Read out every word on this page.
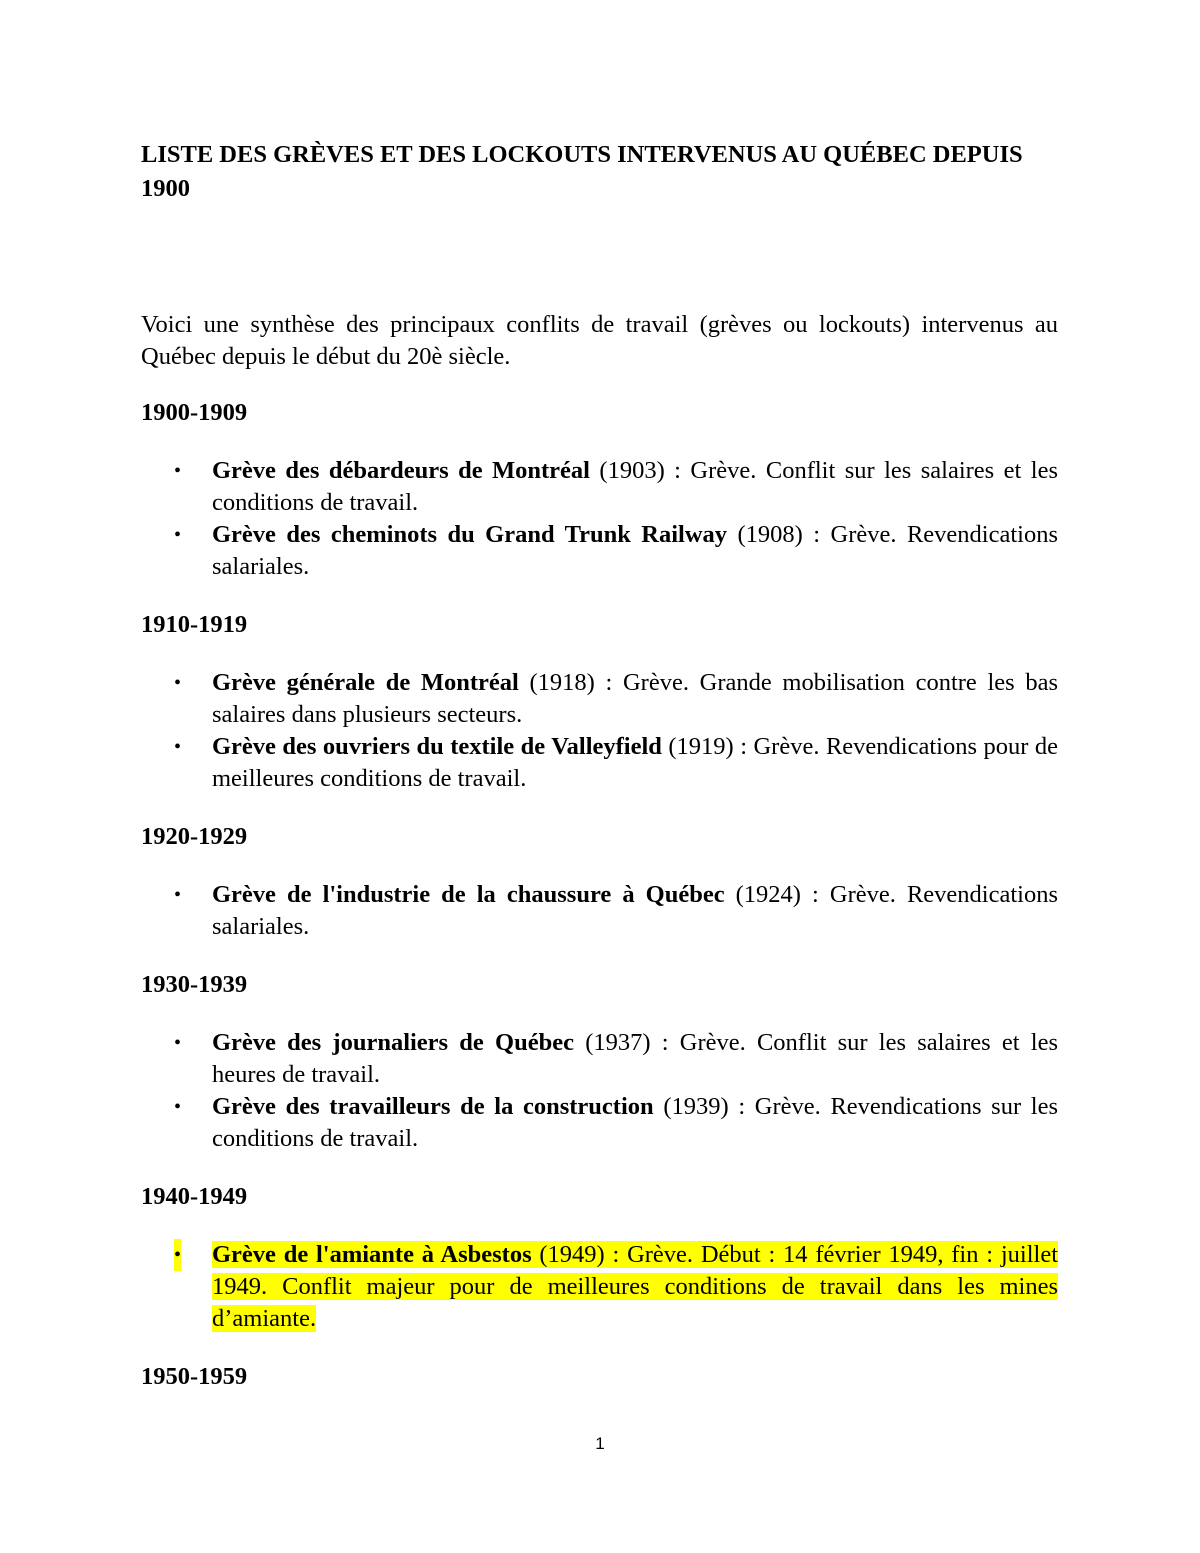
LISTE DES GRÈVES ET DES LOCKOUTS INTERVENUS AU QUÉBEC DEPUIS 1900

Voici une synthèse des principaux conflits de travail (grèves ou lockouts) intervenus au Québec depuis le début du 20è siècle.

1900-1909

• Grève des débardeurs de Montréal (1903) : Grève. Conflit sur les salaires et les conditions de travail.
• Grève des cheminots du Grand Trunk Railway (1908) : Grève. Revendications salariales.

1910-1919

• Grève générale de Montréal (1918) : Grève. Grande mobilisation contre les bas salaires dans plusieurs secteurs.
• Grève des ouvriers du textile de Valleyfield (1919) : Grève. Revendications pour de meilleures conditions de travail.

1920-1929

• Grève de l'industrie de la chaussure à Québec (1924) : Grève. Revendications salariales.

1930-1939

• Grève des journaliers de Québec (1937) : Grève. Conflit sur les salaires et les heures de travail.
• Grève des travailleurs de la construction (1939) : Grève. Revendications sur les conditions de travail.

1940-1949

• Grève de l'amiante à Asbestos (1949) : Grève. Début : 14 février 1949, fin : juillet 1949. Conflit majeur pour de meilleures conditions de travail dans les mines d’amiante.

1950-1959

1
